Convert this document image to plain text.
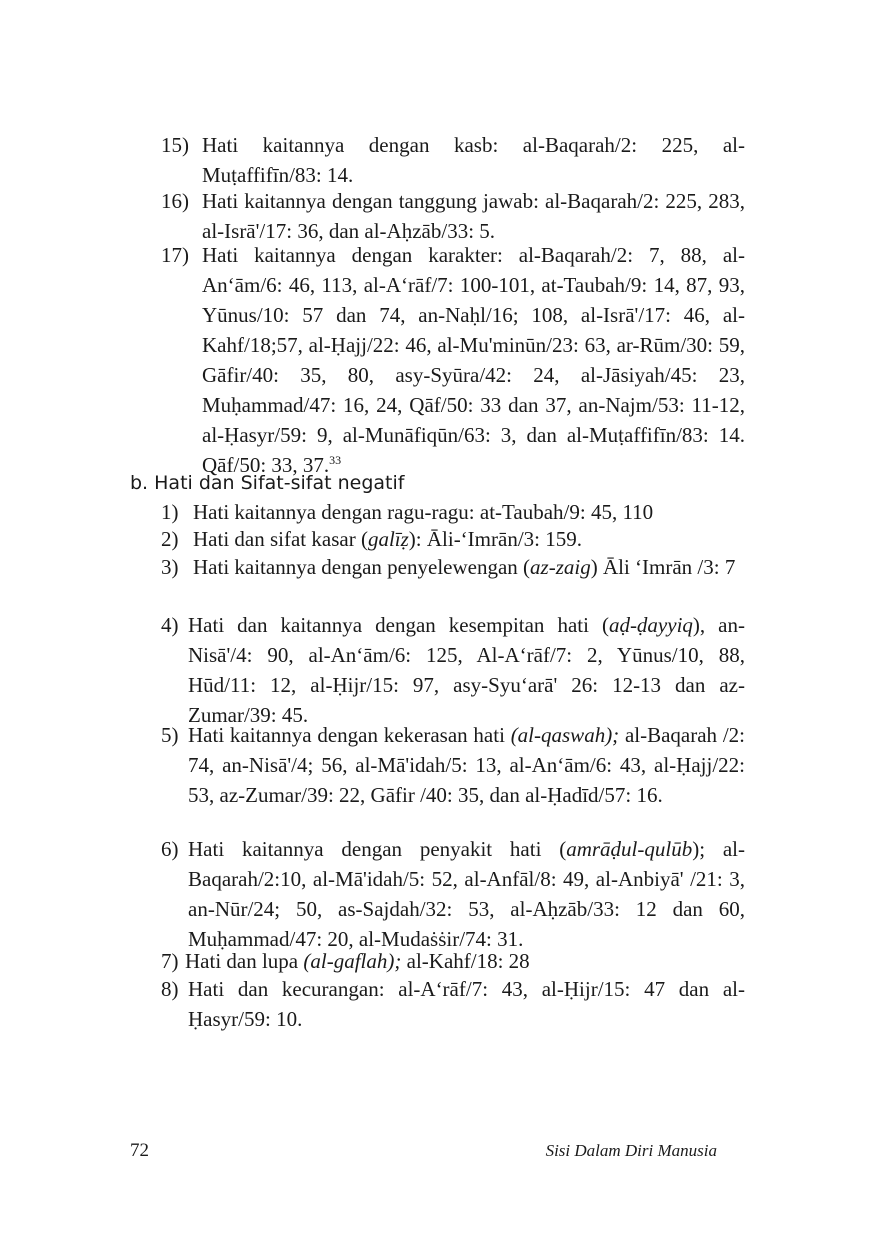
15) Hati kaitannya dengan kasb: al-Baqarah/2: 225, al-Muṭaffifīn/83: 14.
16) Hati kaitannya dengan tanggung jawab: al-Baqarah/2: 225, 283, al-Isrā'/17: 36, dan al-Aḥzāb/33: 5.
17) Hati kaitannya dengan karakter: al-Baqarah/2: 7, 88, al-An‘ām/6: 46, 113, al-A‘rāf/7: 100-101, at-Taubah/9: 14, 87, 93, Yūnus/10: 57 dan 74, an-Naḥl/16; 108, al-Isrā'/17: 46, al-Kahf/18;57, al-Ḥajj/22: 46, al-Mu'minūn/23: 63, ar-Rūm/30: 59, Gāfir/40: 35, 80, asy-Syūra/42: 24, al-Jāsiyah/45: 23, Muḥammad/47: 16, 24, Qāf/50: 33 dan 37, an-Najm/53: 11-12, al-Ḥasyr/59: 9, al-Munāfiqūn/63: 3, dan al-Muṭaffifīn/83: 14. Qāf/50: 33, 37.33
b. Hati dan Sifat-sifat negatif
1) Hati kaitannya dengan ragu-ragu: at-Taubah/9: 45, 110
2) Hati dan sifat kasar (galīẓ): Āli-‘Imrān/3: 159.
3) Hati kaitannya dengan penyelewengan (az-zaig) Āli ‘Imrān /3: 7
4) Hati dan kaitannya dengan kesempitan hati (aḍ-ḍayyiq), an-Nisā'/4: 90, al-An‘ām/6: 125, Al-A‘rāf/7: 2, Yūnus/10, 88, Hūd/11: 12, al-Ḥijr/15: 97, asy-Syu‘arā' 26: 12-13 dan az-Zumar/39: 45.
5) Hati kaitannya dengan kekerasan hati (al-qaswah); al-Baqarah /2: 74, an-Nisā'/4; 56, al-Mā'idah/5: 13, al-An‘ām/6: 43, al-Ḥajj/22: 53, az-Zumar/39: 22, Gāfir /40: 35, dan al-Ḥadīd/57: 16.
6) Hati kaitannya dengan penyakit hati (amrāḍul-qulūb); al-Baqarah/2:10, al-Mā'idah/5: 52, al-Anfāl/8: 49, al-Anbiyā' /21: 3, an-Nūr/24; 50, as-Sajdah/32: 53, al-Aḥzāb/33: 12 dan 60, Muḥammad/47: 20, al-Mudaṡṡir/74: 31.
7) Hati dan lupa (al-gaflah); al-Kahf/18: 28
8) Hati dan kecurangan: al-A‘rāf/7: 43, al-Ḥijr/15: 47 dan al-Ḥasyr/59: 10.
72	Sisi Dalam Diri Manusia
